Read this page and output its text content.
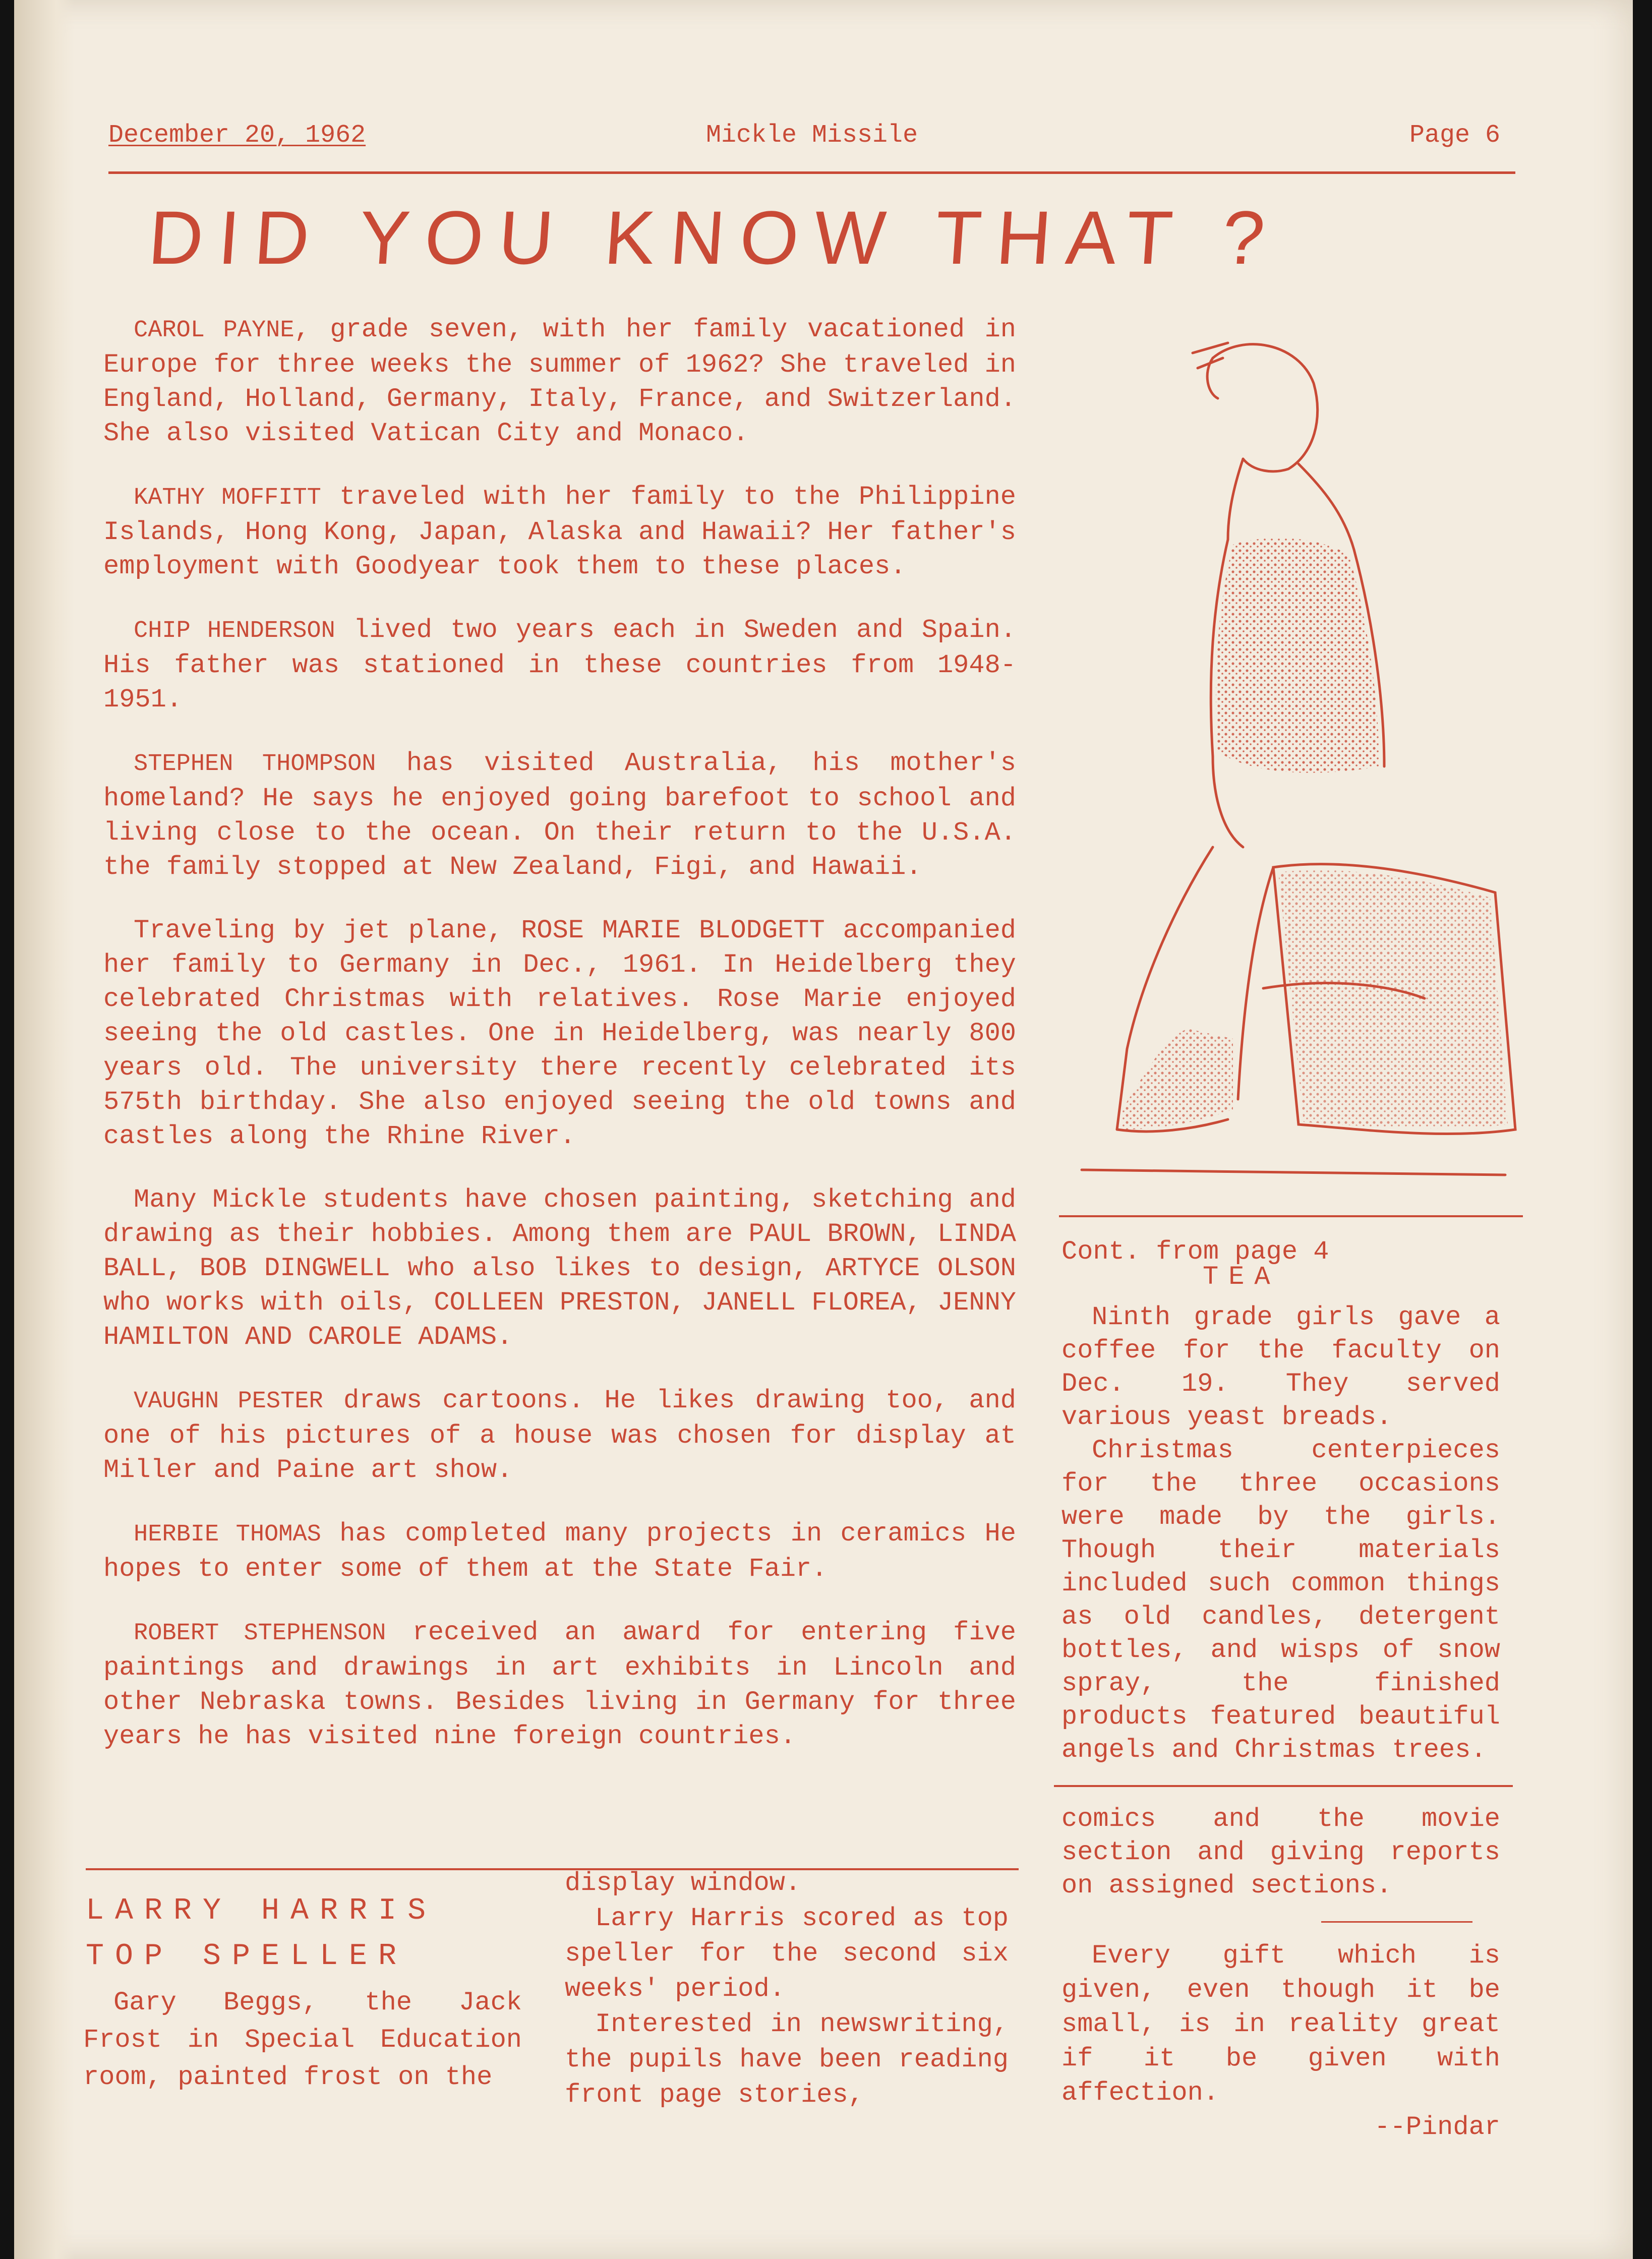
December 20, 1962	Mickle Missile	Page 6
DID YOU KNOW THAT ?

CAROL PAYNE, grade seven, with her family vacationed in Europe for three weeks the summer of 1962? She traveled in England, Holland, Germany, Italy, France, and Switzerland. She also visited Vatican City and Monaco.

KATHY MOFFITT traveled with her family to the Philippine Islands, Hong Kong, Japan, Alaska and Hawaii? Her father's employment with Goodyear took them to these places.

CHIP HENDERSON lived two years each in Sweden and Spain. His father was stationed in these countries from 1948-1951.

STEPHEN THOMPSON has visited Australia, his mother's homeland? He says he enjoyed going barefoot to school and living close to the ocean. On their return to the U.S.A. the family stopped at New Zealand, Figi, and Hawaii.

Traveling by jet plane, ROSE MARIE BLODGETT accompanied her family to Germany in Dec., 1961. In Heidelberg they celebrated Christmas with relatives. Rose Marie enjoyed seeing the old castles. One in Heidelberg, was nearly 800 years old. The university there recently celebrated its 575th birthday. She also enjoyed seeing the old towns and castles along the Rhine River.

Many Mickle students have chosen painting, sketching and drawing as their hobbies. Among them are PAUL BROWN, LINDA BALL, BOB DINGWELL who also likes to design, ARTYCE OLSON who works with oils, COLLEEN PRESTON, JANELL FLOREA, JENNY HAMILTON AND CAROLE ADAMS.

VAUGHN PESTER draws cartoons. He likes drawing too, and one of his pictures of a house was chosen for display at Miller and Paine art show.

HERBIE THOMAS has completed many projects in ceramics He hopes to enter some of them at the State Fair.

ROBERT STEPHENSON received an award for entering five paintings and drawings in art exhibits in Lincoln and other Nebraska towns. Besides living in Germany for three years he has visited nine foreign countries.

LARRY HARRIS
TOP SPELLER

Gary Beggs, the Jack Frost in Special Education room, painted frost on the

display window.

Larry Harris scored as top speller for the second six weeks' period.

Interested in newswriting, the pupils have been reading front page stories,

Cont. from page 4
TEA

Ninth grade girls gave a coffee for the faculty on Dec. 19. They served various yeast breads.

Christmas centerpieces for the three occasions were made by the girls. Though their materials included such common things as old candles, detergent bottles, and wisps of snow spray, the finished products featured beautiful angels and Christmas trees.

comics and the movie section and giving reports on assigned sections.

Every gift which is given, even though it be small, is in reality great if it be given with affection.

--Pindar
